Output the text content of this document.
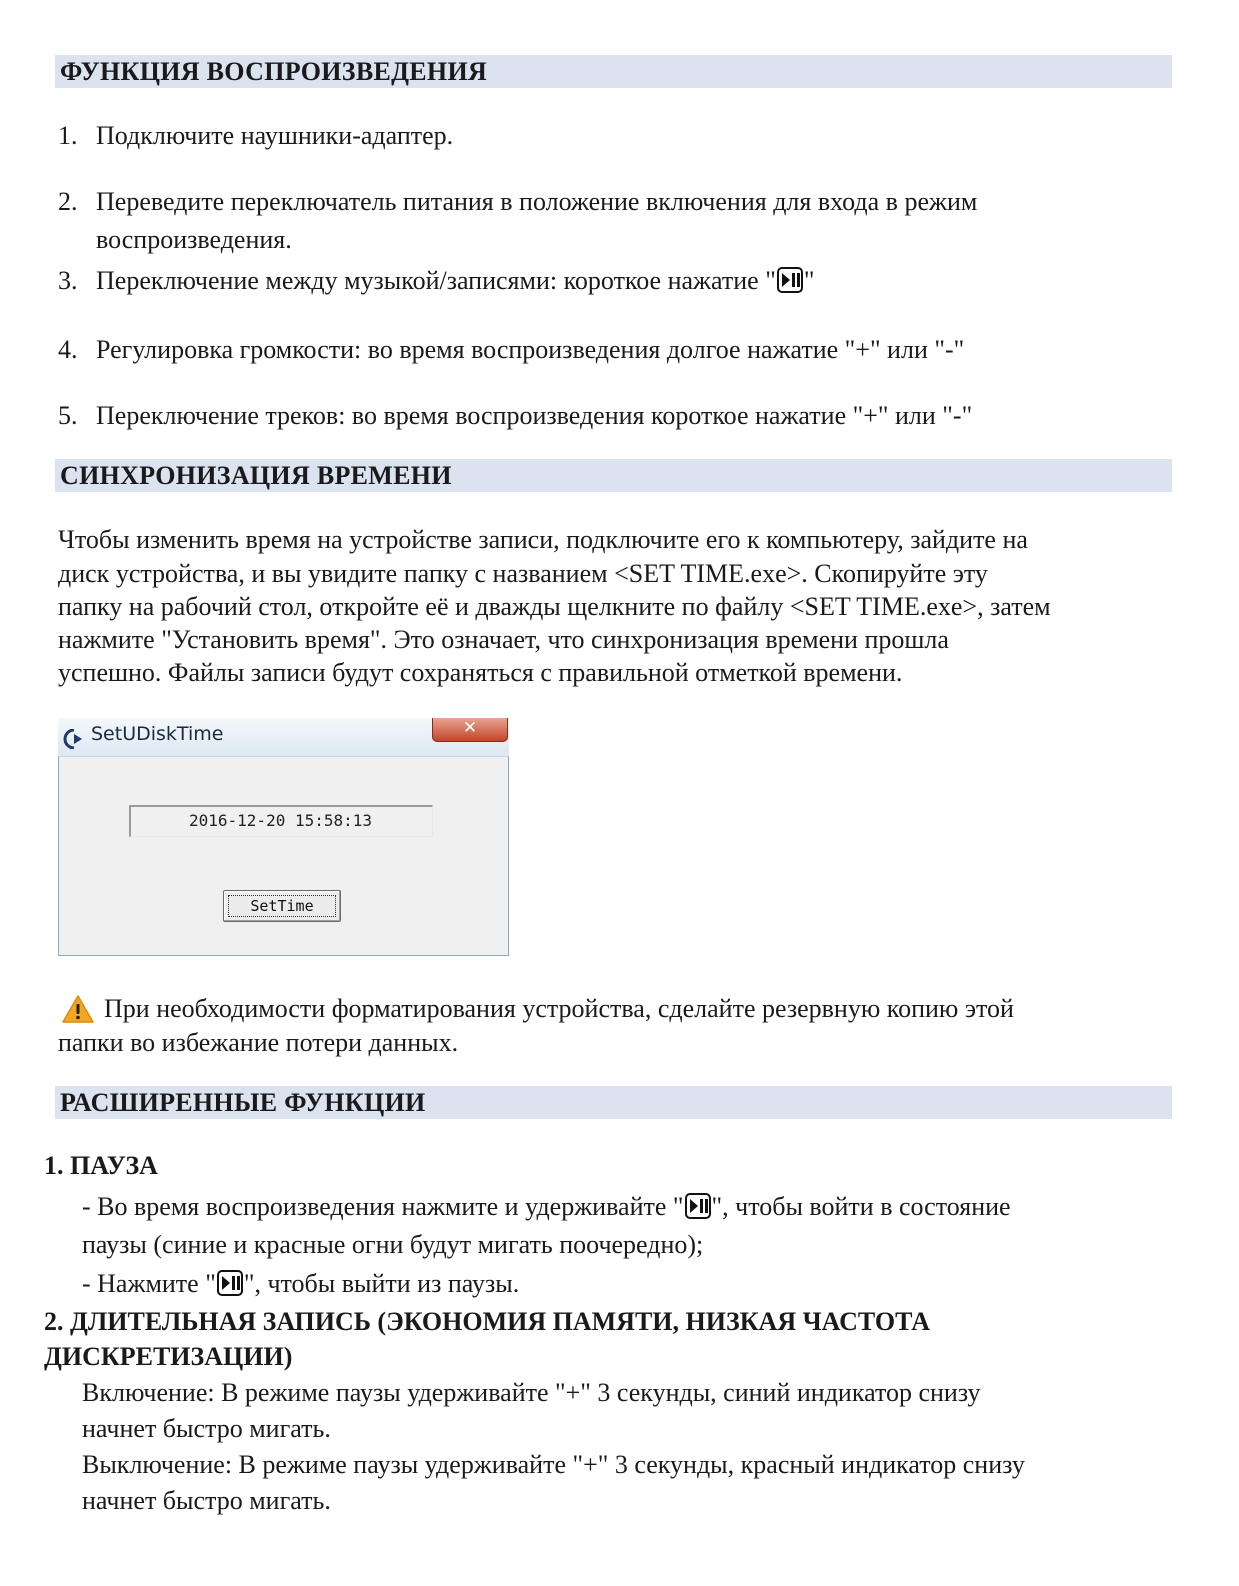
ФУНКЦИЯ ВОСПРОИЗВЕДЕНИЯ
1. Подключите наушники-адаптер.
2. Переведите переключатель питания в положение включения для входа в режим
воспроизведения.
3. Переключение между музыкой/записями: короткое нажатие " "
4. Регулировка громкости: во время воспроизведения долгое нажатие "+" или "-"
5. Переключение треков: во время воспроизведения короткое нажатие "+" или "-"
СИНХРОНИЗАЦИЯ ВРЕМЕНИ
Чтобы изменить время на устройстве записи, подключите его к компьютеру, зайдите на
диск устройства, и вы увидите папку с названием <SET TIME.exe>. Скопируйте эту
папку на рабочий стол, откройте её и дважды щелкните по файлу <SET TIME.exe>, затем
нажмите "Установить время". Это означает, что синхронизация времени прошла
успешно. Файлы записи будут сохраняться с правильной отметкой времени.
SetUDiskTime	✕
2016-12-20 15:58:13
SetTime
При необходимости форматирования устройства, сделайте резервную копию этой
папки во избежание потери данных.
РАСШИРЕННЫЕ ФУНКЦИИ
1. ПАУЗА
- Во время воспроизведения нажмите и удерживайте " ", чтобы войти в состояние
паузы (синие и красные огни будут мигать поочередно);
- Нажмите " ", чтобы выйти из паузы.
2. ДЛИТЕЛЬНАЯ ЗАПИСЬ (ЭКОНОМИЯ ПАМЯТИ, НИЗКАЯ ЧАСТОТА
ДИСКРЕТИЗАЦИИ)
Включение: В режиме паузы удерживайте "+" 3 секунды, синий индикатор снизу
начнет быстро мигать.
Выключение: В режиме паузы удерживайте "+" 3 секунды, красный индикатор снизу
начнет быстро мигать.
